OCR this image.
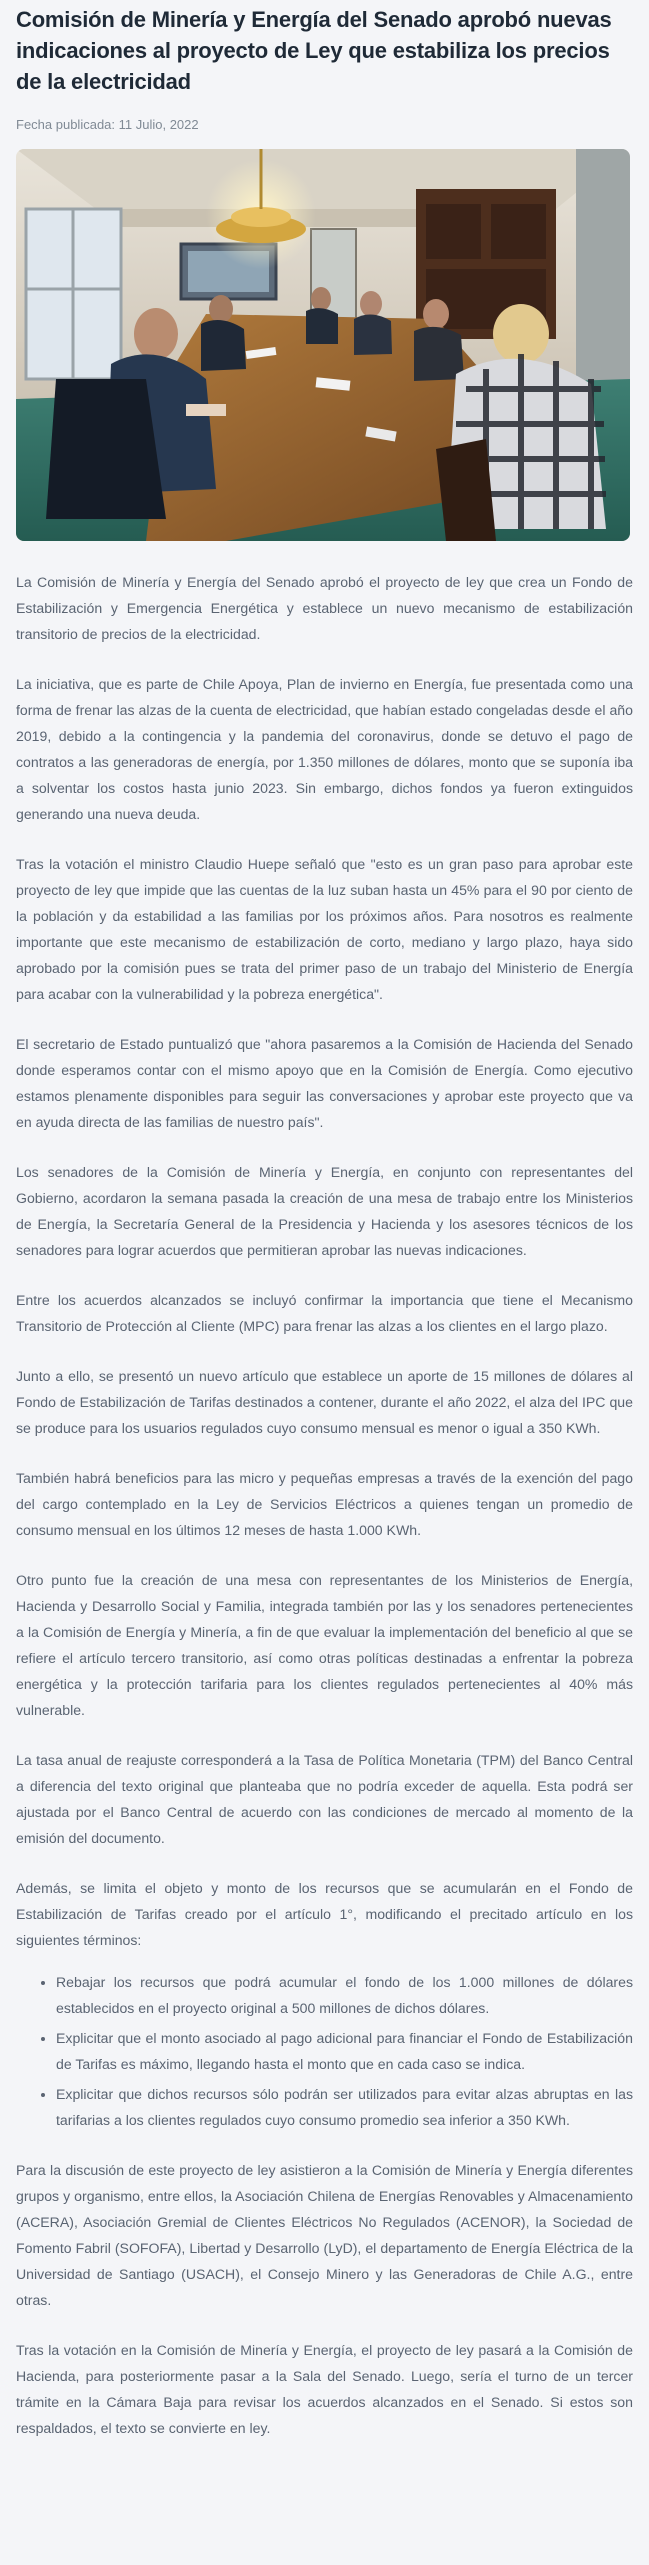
Comisión de Minería y Energía del Senado aprobó nuevas indicaciones al proyecto de Ley que estabiliza los precios de la electricidad
Fecha publicada: 11 Julio, 2022

La Comisión de Minería y Energía del Senado aprobó el proyecto de ley que crea un Fondo de Estabilización y Emergencia Energética y establece un nuevo mecanismo de estabilización transitorio de precios de la electricidad.

La iniciativa, que es parte de Chile Apoya, Plan de invierno en Energía, fue presentada como una forma de frenar las alzas de la cuenta de electricidad, que habían estado congeladas desde el año 2019, debido a la contingencia y la pandemia del coronavirus, donde se detuvo el pago de contratos a las generadoras de energía, por 1.350 millones de dólares, monto que se suponía iba a solventar los costos hasta junio 2023. Sin embargo, dichos fondos ya fueron extinguidos generando una nueva deuda.

Tras la votación el ministro Claudio Huepe señaló que "esto es un gran paso para aprobar este proyecto de ley que impide que las cuentas de la luz suban hasta un 45% para el 90 por ciento de la población y da estabilidad a las familias por los próximos años. Para nosotros es realmente importante que este mecanismo de estabilización de corto, mediano y largo plazo, haya sido aprobado por la comisión pues se trata del primer paso de un trabajo del Ministerio de Energía para acabar con la vulnerabilidad y la pobreza energética".

El secretario de Estado puntualizó que "ahora pasaremos a la Comisión de Hacienda del Senado donde esperamos contar con el mismo apoyo que en la Comisión de Energía. Como ejecutivo estamos plenamente disponibles para seguir las conversaciones y aprobar este proyecto que va en ayuda directa de las familias de nuestro país".

Los senadores de la Comisión de Minería y Energía, en conjunto con representantes del Gobierno, acordaron la semana pasada la creación de una mesa de trabajo entre los Ministerios de Energía, la Secretaría General de la Presidencia y Hacienda y los asesores técnicos de los senadores para lograr acuerdos que permitieran aprobar las nuevas indicaciones.

Entre los acuerdos alcanzados se incluyó confirmar la importancia que tiene el Mecanismo Transitorio de Protección al Cliente (MPC) para frenar las alzas a los clientes en el largo plazo.

Junto a ello, se presentó un nuevo artículo que establece un aporte de 15 millones de dólares al Fondo de Estabilización de Tarifas destinados a contener, durante el año 2022, el alza del IPC que se produce para los usuarios regulados cuyo consumo mensual es menor o igual a 350 KWh.

También habrá beneficios para las micro y pequeñas empresas a través de la exención del pago del cargo contemplado en la Ley de Servicios Eléctricos a quienes tengan un promedio de consumo mensual en los últimos 12 meses de hasta 1.000 KWh.

Otro punto fue la creación de una mesa con representantes de los Ministerios de Energía, Hacienda y Desarrollo Social y Familia, integrada también por las y los senadores pertenecientes a la Comisión de Energía y Minería, a fin de que evaluar la implementación del beneficio al que se refiere el artículo tercero transitorio, así como otras políticas destinadas a enfrentar la pobreza energética y la protección tarifaria para los clientes regulados pertenecientes al 40% más vulnerable.

La tasa anual de reajuste corresponderá a la Tasa de Política Monetaria (TPM) del Banco Central a diferencia del texto original que planteaba que no podría exceder de aquella. Esta podrá ser ajustada por el Banco Central de acuerdo con las condiciones de mercado al momento de la emisión del documento.

Además, se limita el objeto y monto de los recursos que se acumularán en el Fondo de Estabilización de Tarifas creado por el artículo 1°, modificando el precitado artículo en los siguientes términos:

• Rebajar los recursos que podrá acumular el fondo de los 1.000 millones de dólares establecidos en el proyecto original a 500 millones de dichos dólares.
• Explicitar que el monto asociado al pago adicional para financiar el Fondo de Estabilización de Tarifas es máximo, llegando hasta el monto que en cada caso se indica.
• Explicitar que dichos recursos sólo podrán ser utilizados para evitar alzas abruptas en las tarifarias a los clientes regulados cuyo consumo promedio sea inferior a 350 KWh.

Para la discusión de este proyecto de ley asistieron a la Comisión de Minería y Energía diferentes grupos y organismo, entre ellos, la Asociación Chilena de Energías Renovables y Almacenamiento (ACERA), Asociación Gremial de Clientes Eléctricos No Regulados (ACENOR), la Sociedad de Fomento Fabril (SOFOFA), Libertad y Desarrollo (LyD), el departamento de Energía Eléctrica de la Universidad de Santiago (USACH), el Consejo Minero y las Generadoras de Chile A.G., entre otras.

Tras la votación en la Comisión de Minería y Energía, el proyecto de ley pasará a la Comisión de Hacienda, para posteriormente pasar a la Sala del Senado. Luego, sería el turno de un tercer trámite en la Cámara Baja para revisar los acuerdos alcanzados en el Senado. Si estos son respaldados, el texto se convierte en ley.
